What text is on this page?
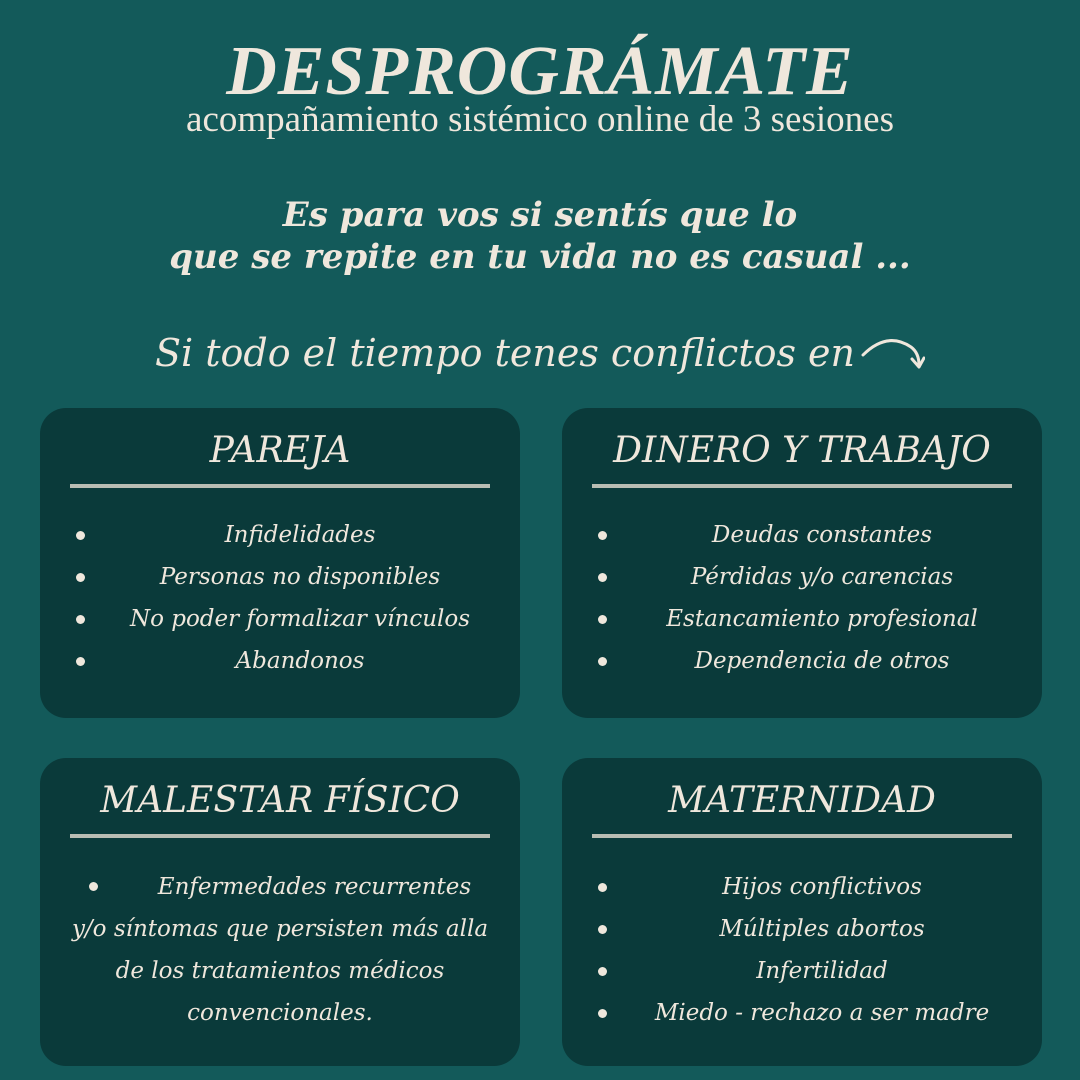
DESPROGRÁMATE
acompañamiento sistémico online de 3 sesiones
Es para vos si sentís que lo
que se repite en tu vida no es casual ...
Si todo el tiempo tenes conflictos en
PAREJA
Infidelidades
Personas no disponibles
No poder formalizar vínculos
Abandonos
DINERO Y TRABAJO
Deudas constantes
Pérdidas y/o carencias
Estancamiento profesional
Dependencia de otros
MALESTAR FÍSICO
Enfermedades recurrentes
y/o síntomas que persisten más alla
de los tratamientos médicos
convencionales.
MATERNIDAD
Hijos conflictivos
Múltiples abortos
Infertilidad
Miedo - rechazo a ser madre
